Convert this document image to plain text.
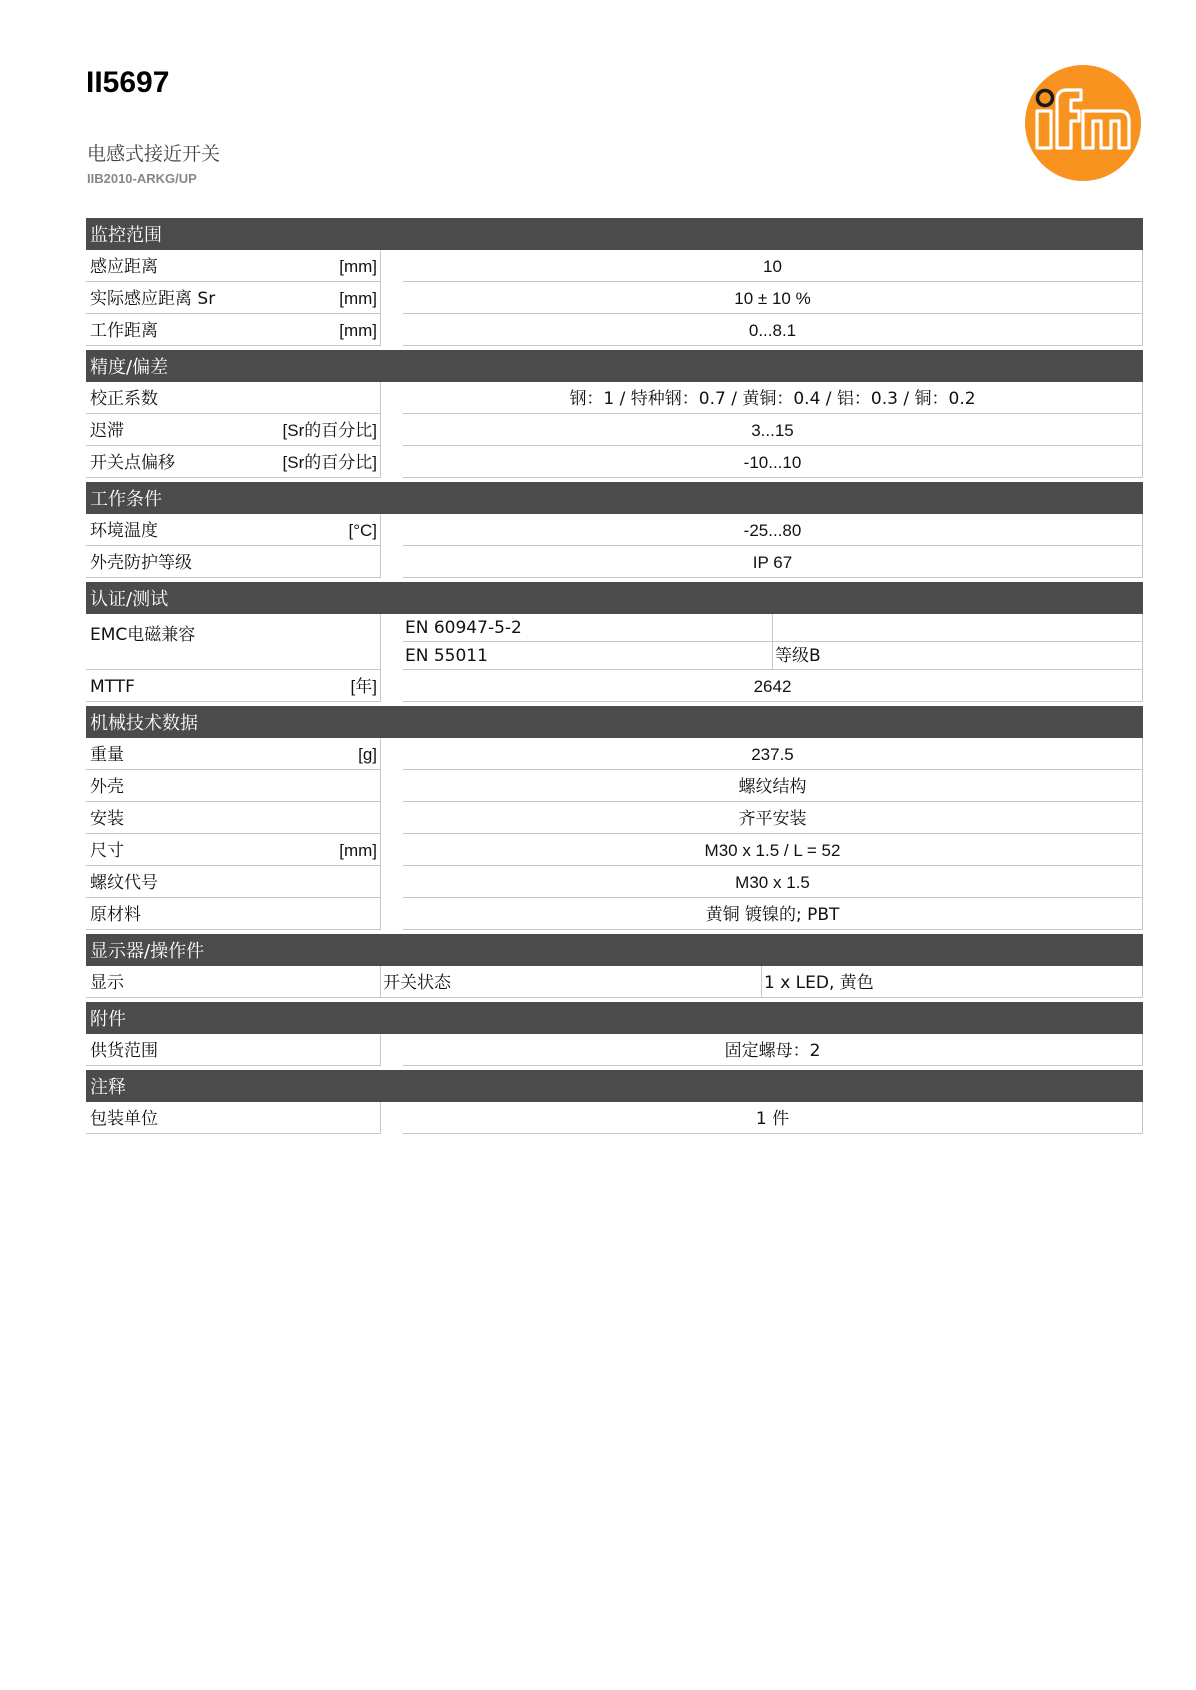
II5697
电感式接近开关
IIB2010-ARKG/UP
监控范围
感应距离	[mm]	10
实际感应距离 Sr	[mm]	10 ± 10 %
工作距离	[mm]	0...8.1
精度/偏差
校正系数	钢：1 / 特种钢：0.7 / 黄铜：0.4 / 铝：0.3 / 铜：0.2
迟滞	[Sr的百分比]	3...15
开关点偏移	[Sr的百分比]	-10...10
工作条件
环境温度	[°C]	-25...80
外壳防护等级	IP 67
认证/测试
EMC电磁兼容	EN 60947-5-2
EN 55011	等级B
MTTF	[年]	2642
机械技术数据
重量	[g]	237.5
外壳	螺纹结构
安装	齐平安装
尺寸	[mm]	M30 x 1.5 / L = 52
螺纹代号	M30 x 1.5
原材料	黄铜 镀镍的; PBT
显示器/操作件
显示	开关状态	1 x LED, 黄色
附件
供货范围	固定螺母：2
注释
包装单位	1 件
